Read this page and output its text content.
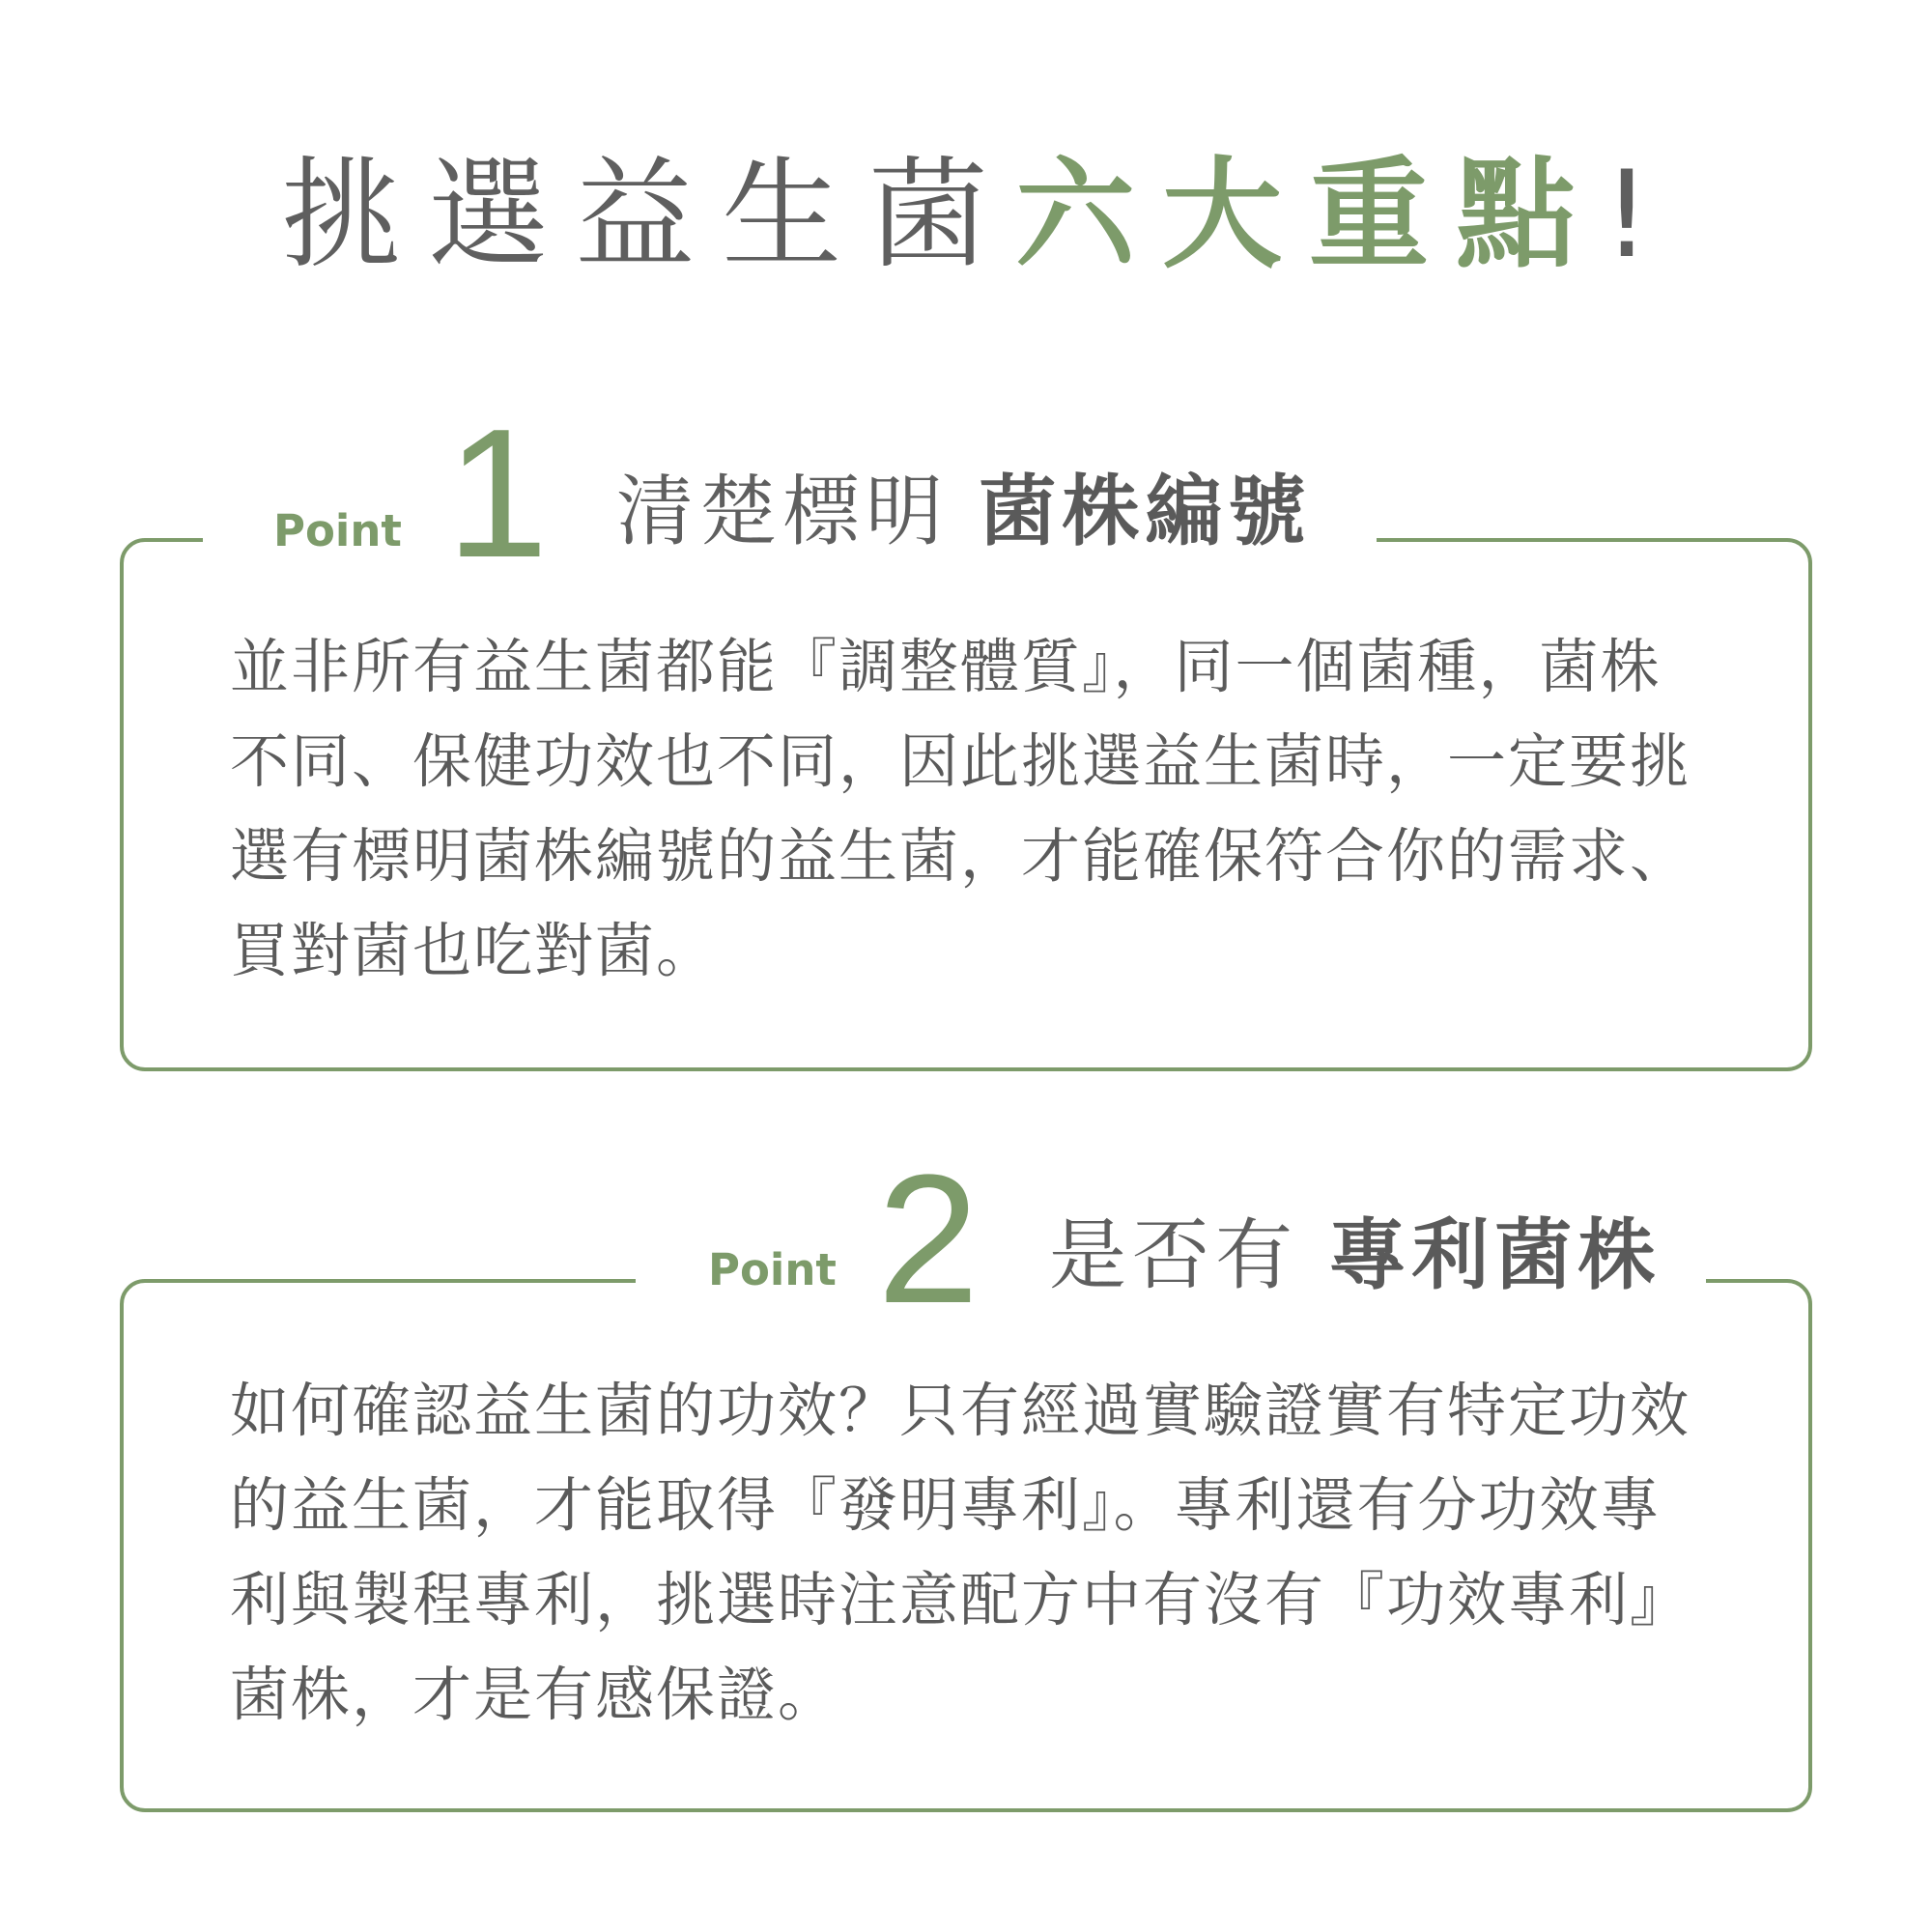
挑選益生菌六大重點!
Point 1 清楚標明 菌株編號
並非所有益生菌都能『調整體質』，同一個菌種，菌株
不同、保健功效也不同，因此挑選益生菌時，一定要挑
選有標明菌株編號的益生菌，才能確保符合你的需求、
買對菌也吃對菌。
Point 2 是否有 專利菌株
如何確認益生菌的功效？只有經過實驗證實有特定功效
的益生菌，才能取得『發明專利』。專利還有分功效專
利與製程專利，挑選時注意配方中有沒有『功效專利』
菌株，才是有感保證。
